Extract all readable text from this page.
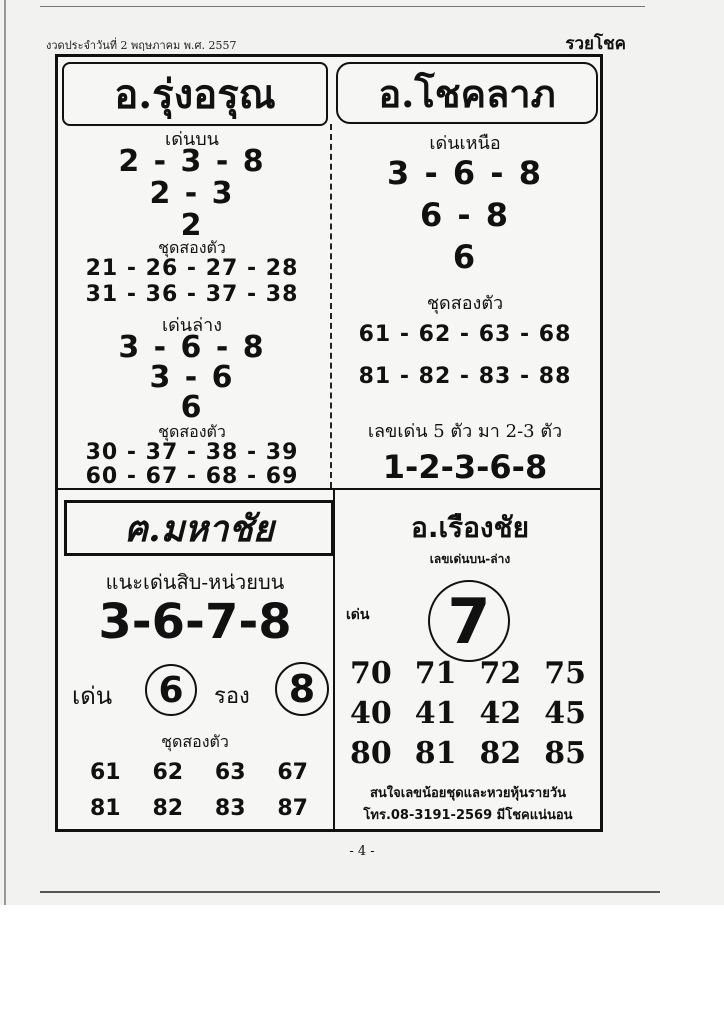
งวดประจำวันที่ 2 พฤษภาคม พ.ศ. 2557	รวยโชค
อ.รุ่งอรุณ
เด่นบน
2 - 3 - 8
2 - 3
2
ชุดสองตัว
21 - 26 - 27 - 28
31 - 36 - 37 - 38
เด่นล่าง
3 - 6 - 8
3 - 6
6
ชุดสองตัว
30 - 37 - 38 - 39
60 - 67 - 68 - 69
อ.โชคลาภ
เด่นเหนือ
3 - 6 - 8
6 - 8
6
ชุดสองตัว
61 - 62 - 63 - 68
81 - 82 - 83 - 88
เลขเด่น 5 ตัว มา 2-3 ตัว
1-2-3-6-8
ฅ.มหาชัย
แนะเด่นสิบ-หน่วยบน
3-6-7-8
เด่น	6	รอง	8
ชุดสองตัว
61 62 63 67
81 82 83 87
อ.เรืองชัย
เลขเด่นบน-ล่าง
เด่น	7
70 71 72 75
40 41 42 45
80 81 82 85
สนใจเลขน้อยชุดและหวยหุ้นรายวัน
โทร.08-3191-2569 มีโชคแน่นอน
- 4 -
